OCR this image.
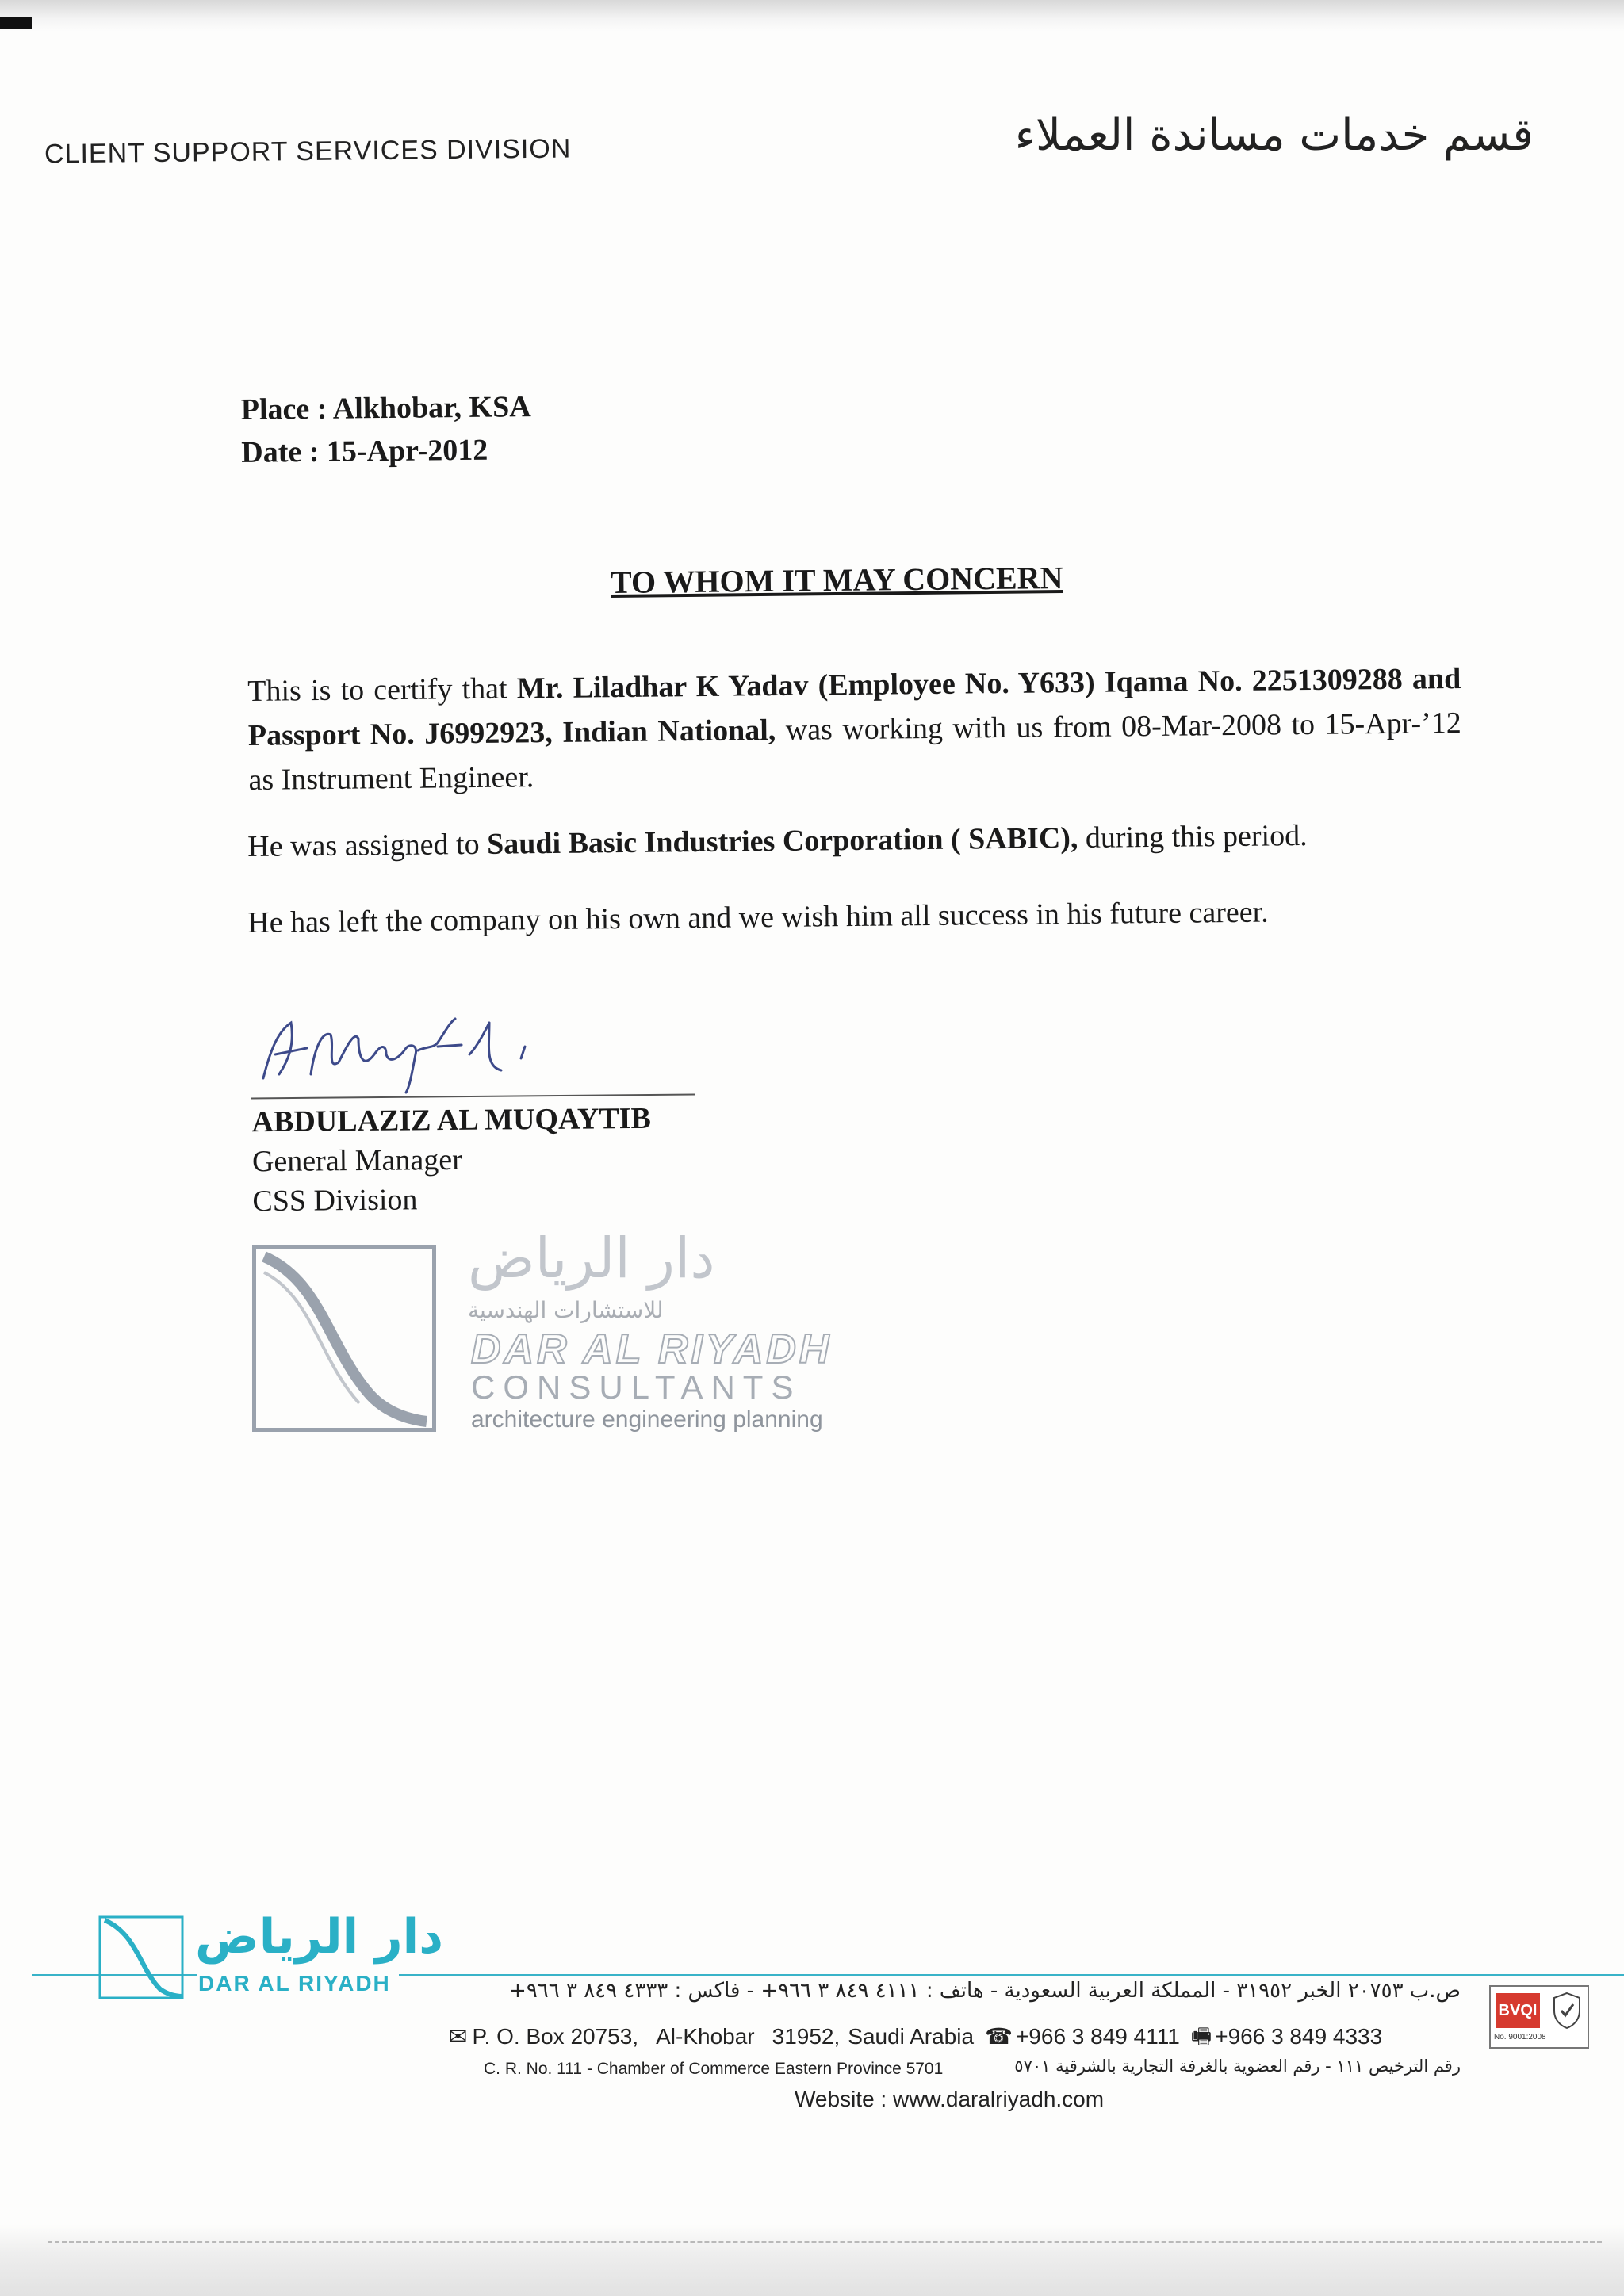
CLIENT SUPPORT SERVICES DIVISION	قسم خدمات مساندة العملاء
Place : Alkhobar, KSA
Date : 15-Apr-2012
TO WHOM IT MAY CONCERN
This is to certify that Mr. Liladhar K Yadav (Employee No. Y633) Iqama No. 2251309288 and Passport No. J6992923, Indian National, was working with us from 08-Mar-2008 to 15-Apr-’12 as Instrument Engineer.
He was assigned to Saudi Basic Industries Corporation ( SABIC), during this period.
He has left the company on his own and we wish him all success in his future career.
ABDULAZIZ AL MUQAYTIB
General Manager
CSS Division
دار الرياض
للاستشارات الهندسية
DAR AL RIYADH
CONSULTANTS
architecture engineering planning
دار الرياض
DAR AL RIYADH	ص.ب ٢٠٧٥٣ الخبر ٣١٩٥٢ - المملكة العربية السعودية - هاتف : ٤١١١ ٨٤٩ ٣ ٩٦٦+ - فاكس : ٤٣٣٣ ٨٤٩ ٣ ٩٦٦+
✉ P. O. Box 20753, Al-Khobar 31952, Saudi Arabia ☎ +966 3 849 4111 🖷 +966 3 849 4333
C. R. No. 111 - Chamber of Commerce Eastern Province 5701	رقم الترخيص ١١١ - رقم العضوية بالغرفة التجارية بالشرقية ٥٧٠١
Website : www.daralriyadh.com
BVQI
No. 9001:2008
